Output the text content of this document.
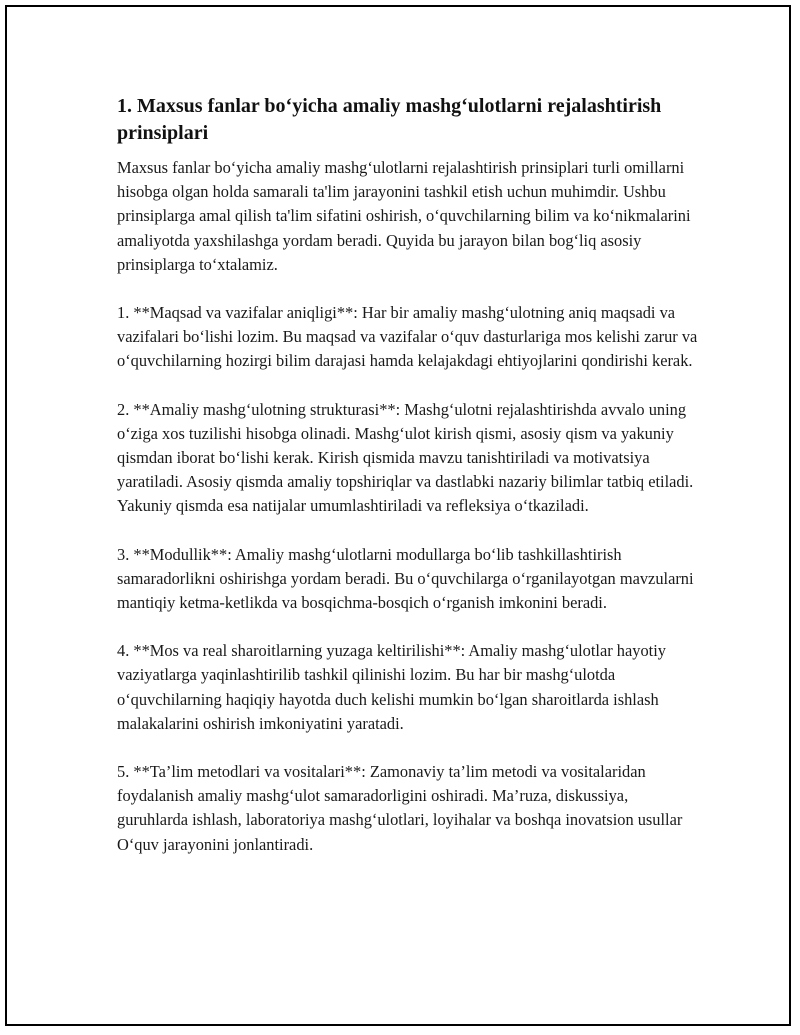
1. Maxsus fanlar bo‘yicha amaliy mashg‘ulotlarni rejalashtirish prinsiplari

Maxsus fanlar bo‘yicha amaliy mashg‘ulotlarni rejalashtirish prinsiplari turli omillarni hisobga olgan holda samarali ta'lim jarayonini tashkil etish uchun muhimdir. Ushbu prinsiplarga amal qilish ta'lim sifatini oshirish, o‘quvchilarning bilim va ko‘nikmalarini amaliyotda yaxshilashga yordam beradi. Quyida bu jarayon bilan bog‘liq asosiy prinsiplarga to‘xtalamiz.

1. **Maqsad va vazifalar aniqligi**: Har bir amaliy mashg‘ulotning aniq maqsadi va vazifalari bo‘lishi lozim. Bu maqsad va vazifalar o‘quv dasturlariga mos kelishi zarur va o‘quvchilarning hozirgi bilim darajasi hamda kelajakdagi ehtiyojlarini qondirishi kerak.

2. **Amaliy mashg‘ulotning strukturasi**: Mashg‘ulotni rejalashtirishda avvalo uning o‘ziga xos tuzilishi hisobga olinadi. Mashg‘ulot kirish qismi, asosiy qism va yakuniy qismdan iborat bo‘lishi kerak. Kirish qismida mavzu tanishtiriladi va motivatsiya yaratiladi. Asosiy qismda amaliy topshiriqlar va dastlabki nazariy bilimlar tatbiq etiladi. Yakuniy qismda esa natijalar umumlashtiriladi va refleksiya o‘tkaziladi.

3. **Modullik**: Amaliy mashg‘ulotlarni modullarga bo‘lib tashkillashtirish samaradorlikni oshirishga yordam beradi. Bu o‘quvchilarga o‘rganilayotgan mavzularni mantiqiy ketma-ketlikda va bosqichma-bosqich o‘rganish imkonini beradi.

4. **Mos va real sharoitlarning yuzaga keltirilishi**: Amaliy mashg‘ulotlar hayotiy vaziyatlarga yaqinlashtirilib tashkil qilinishi lozim. Bu har bir mashg‘ulotda o‘quvchilarning haqiqiy hayotda duch kelishi mumkin bo‘lgan sharoitlarda ishlash malakalarini oshirish imkoniyatini yaratadi.

5. **Ta’lim metodlari va vositalari**: Zamonaviy ta’lim metodi va vositalaridan foydalanish amaliy mashg‘ulot samaradorligini oshiradi. Ma’ruza, diskussiya, guruhlarda ishlash, laboratoriya mashg‘ulotlari, loyihalar va boshqa inovatsion usullar O‘quv jarayonini jonlantiradi.
